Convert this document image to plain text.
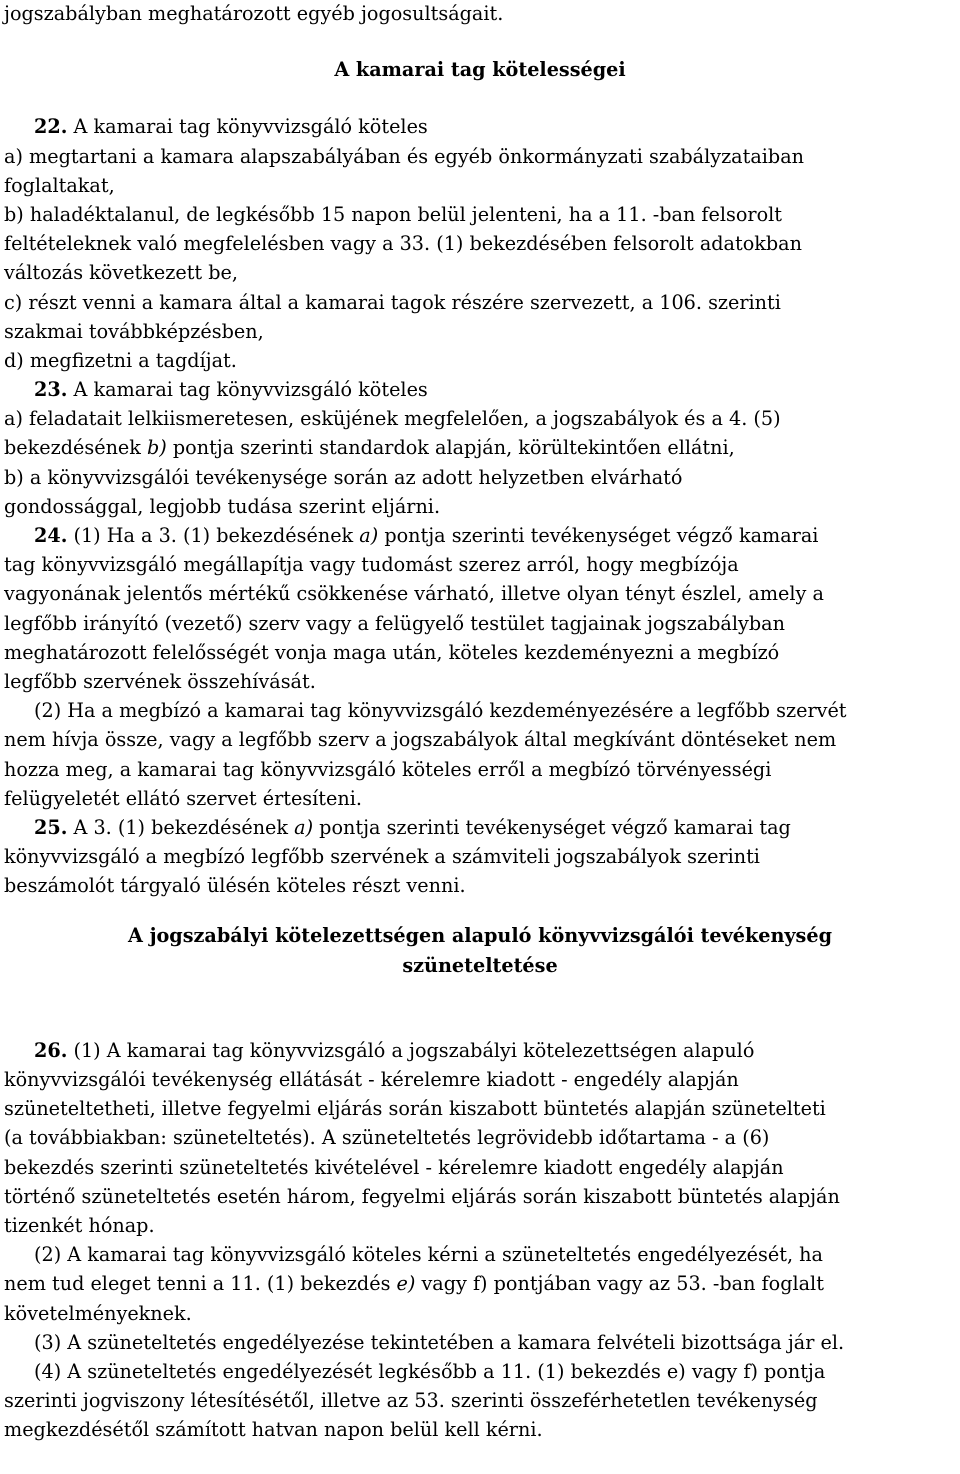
jogszabályban meghatározott egyéb jogosultságait.
A kamarai tag kötelességei
22. A kamarai tag könyvvizsgáló köteles
a) megtartani a kamara alapszabályában és egyéb önkormányzati szabályzataiban
foglaltakat,
b) haladéktalanul, de legkésőbb 15 napon belül jelenteni, ha a 11. -ban felsorolt
feltételeknek való megfelelésben vagy a 33. (1) bekezdésében felsorolt adatokban
változás következett be,
c) részt venni a kamara által a kamarai tagok részére szervezett, a 106. szerinti
szakmai továbbképzésben,
d) megfizetni a tagdíjat.
23. A kamarai tag könyvvizsgáló köteles
a) feladatait lelkiismeretesen, esküjének megfelelően, a jogszabályok és a 4. (5)
bekezdésének b) pontja szerinti standardok alapján, körültekintően ellátni,
b) a könyvvizsgálói tevékenysége során az adott helyzetben elvárható
gondossággal, legjobb tudása szerint eljárni.
24. (1) Ha a 3. (1) bekezdésének a) pontja szerinti tevékenységet végző kamarai
tag könyvvizsgáló megállapítja vagy tudomást szerez arról, hogy megbízója
vagyonának jelentős mértékű csökkenése várható, illetve olyan tényt észlel, amely a
legfőbb irányító (vezető) szerv vagy a felügyelő testület tagjainak jogszabályban
meghatározott felelősségét vonja maga után, köteles kezdeményezni a megbízó
legfőbb szervének összehívását.
(2) Ha a megbízó a kamarai tag könyvvizsgáló kezdeményezésére a legfőbb szervét
nem hívja össze, vagy a legfőbb szerv a jogszabályok által megkívánt döntéseket nem
hozza meg, a kamarai tag könyvvizsgáló köteles erről a megbízó törvényességi
felügyeletét ellátó szervet értesíteni.
25. A 3. (1) bekezdésének a) pontja szerinti tevékenységet végző kamarai tag
könyvvizsgáló a megbízó legfőbb szervének a számviteli jogszabályok szerinti
beszámolót tárgyaló ülésén köteles részt venni.
A jogszabályi kötelezettségen alapuló könyvvizsgálói tevékenység
szüneteltetése
26. (1) A kamarai tag könyvvizsgáló a jogszabályi kötelezettségen alapuló
könyvvizsgálói tevékenység ellátását - kérelemre kiadott - engedély alapján
szüneteltetheti, illetve fegyelmi eljárás során kiszabott büntetés alapján szünetelteti
(a továbbiakban: szüneteltetés). A szüneteltetés legrövidebb időtartama - a (6)
bekezdés szerinti szüneteltetés kivételével - kérelemre kiadott engedély alapján
történő szüneteltetés esetén három, fegyelmi eljárás során kiszabott büntetés alapján
tizenkét hónap.
(2) A kamarai tag könyvvizsgáló köteles kérni a szüneteltetés engedélyezését, ha
nem tud eleget tenni a 11. (1) bekezdés e) vagy f) pontjában vagy az 53. -ban foglalt
követelményeknek.
(3) A szüneteltetés engedélyezése tekintetében a kamara felvételi bizottsága jár el.
(4) A szüneteltetés engedélyezését legkésőbb a 11. (1) bekezdés e) vagy f) pontja
szerinti jogviszony létesítésétől, illetve az 53. szerinti összeférhetetlen tevékenység
megkezdésétől számított hatvan napon belül kell kérni.
